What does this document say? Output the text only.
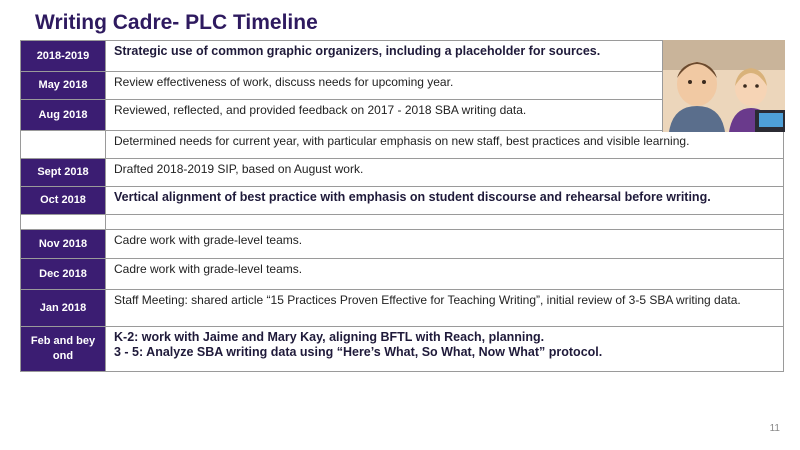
Writing Cadre- PLC Timeline
2018-2019	Strategic use of common graphic organizers, including a placeholder for sources.

May 2018	Review effectiveness of work, discuss needs for upcoming year.

Aug 2018	Reviewed, reflected, and provided feedback on 2017 - 2018 SBA writing data.

	Determined needs for current year, with particular emphasis on new staff, best practices and visible learning.

Sept 2018	Drafted 2018-2019 SIP, based on August work.

Oct 2018	Vertical alignment of best practice with emphasis on student discourse and rehearsal before writing.

Nov 2018	Cadre work with grade-level teams.

Dec 2018	Cadre work with grade-level teams.

Jan 2018	Staff Meeting: shared article “15 Practices Proven Effective for Teaching Writing”, initial review of 3-5 SBA writing data.

Feb and bey ond	K-2: work with Jaime and Mary Kay, aligning BFTL with Reach, planning.
3 - 5: Analyze SBA writing data using “Here’s What, So What, Now What” protocol.
11
